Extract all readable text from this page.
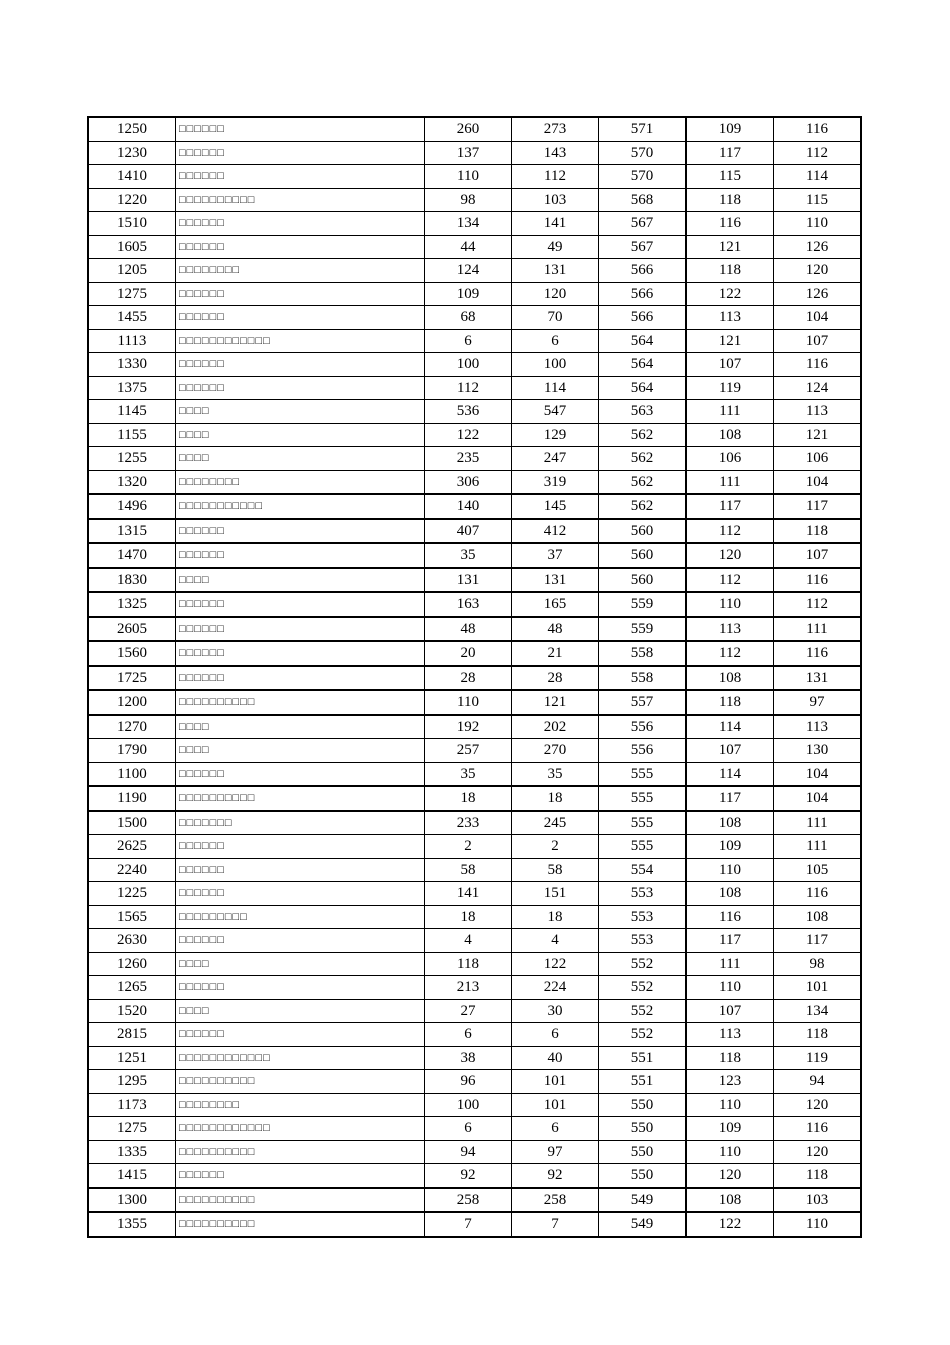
1250	□□□□□□	260	273	571	109	116
1230	□□□□□□	137	143	570	117	112
1410	□□□□□□	110	112	570	115	114
1220	□□□□□□□□□□	98	103	568	118	115
1510	□□□□□□	134	141	567	116	110
1605	□□□□□□	44	49	567	121	126
1205	□□□□□□□□	124	131	566	118	120
1275	□□□□□□	109	120	566	122	126
1455	□□□□□□	68	70	566	113	104
1113	□□□□□□□□□□□□	6	6	564	121	107
1330	□□□□□□	100	100	564	107	116
1375	□□□□□□	112	114	564	119	124
1145	□□□□	536	547	563	111	113
1155	□□□□	122	129	562	108	121
1255	□□□□	235	247	562	106	106
1320	□□□□□□□□	306	319	562	111	104
1496	□□□□□□□□□□□	140	145	562	117	117
1315	□□□□□□	407	412	560	112	118
1470	□□□□□□	35	37	560	120	107
1830	□□□□	131	131	560	112	116
1325	□□□□□□	163	165	559	110	112
2605	□□□□□□	48	48	559	113	111
1560	□□□□□□	20	21	558	112	116
1725	□□□□□□	28	28	558	108	131
1200	□□□□□□□□□□	110	121	557	118	97
1270	□□□□	192	202	556	114	113
1790	□□□□	257	270	556	107	130
1100	□□□□□□	35	35	555	114	104
1190	□□□□□□□□□□	18	18	555	117	104
1500	□□□□□□□	233	245	555	108	111
2625	□□□□□□	2	2	555	109	111
2240	□□□□□□	58	58	554	110	105
1225	□□□□□□	141	151	553	108	116
1565	□□□□□□□□□	18	18	553	116	108
2630	□□□□□□	4	4	553	117	117
1260	□□□□	118	122	552	111	98
1265	□□□□□□	213	224	552	110	101
1520	□□□□	27	30	552	107	134
2815	□□□□□□	6	6	552	113	118
1251	□□□□□□□□□□□□	38	40	551	118	119
1295	□□□□□□□□□□	96	101	551	123	94
1173	□□□□□□□□	100	101	550	110	120
1275	□□□□□□□□□□□□	6	6	550	109	116
1335	□□□□□□□□□□	94	97	550	110	120
1415	□□□□□□	92	92	550	120	118
1300	□□□□□□□□□□	258	258	549	108	103
1355	□□□□□□□□□□	7	7	549	122	110
